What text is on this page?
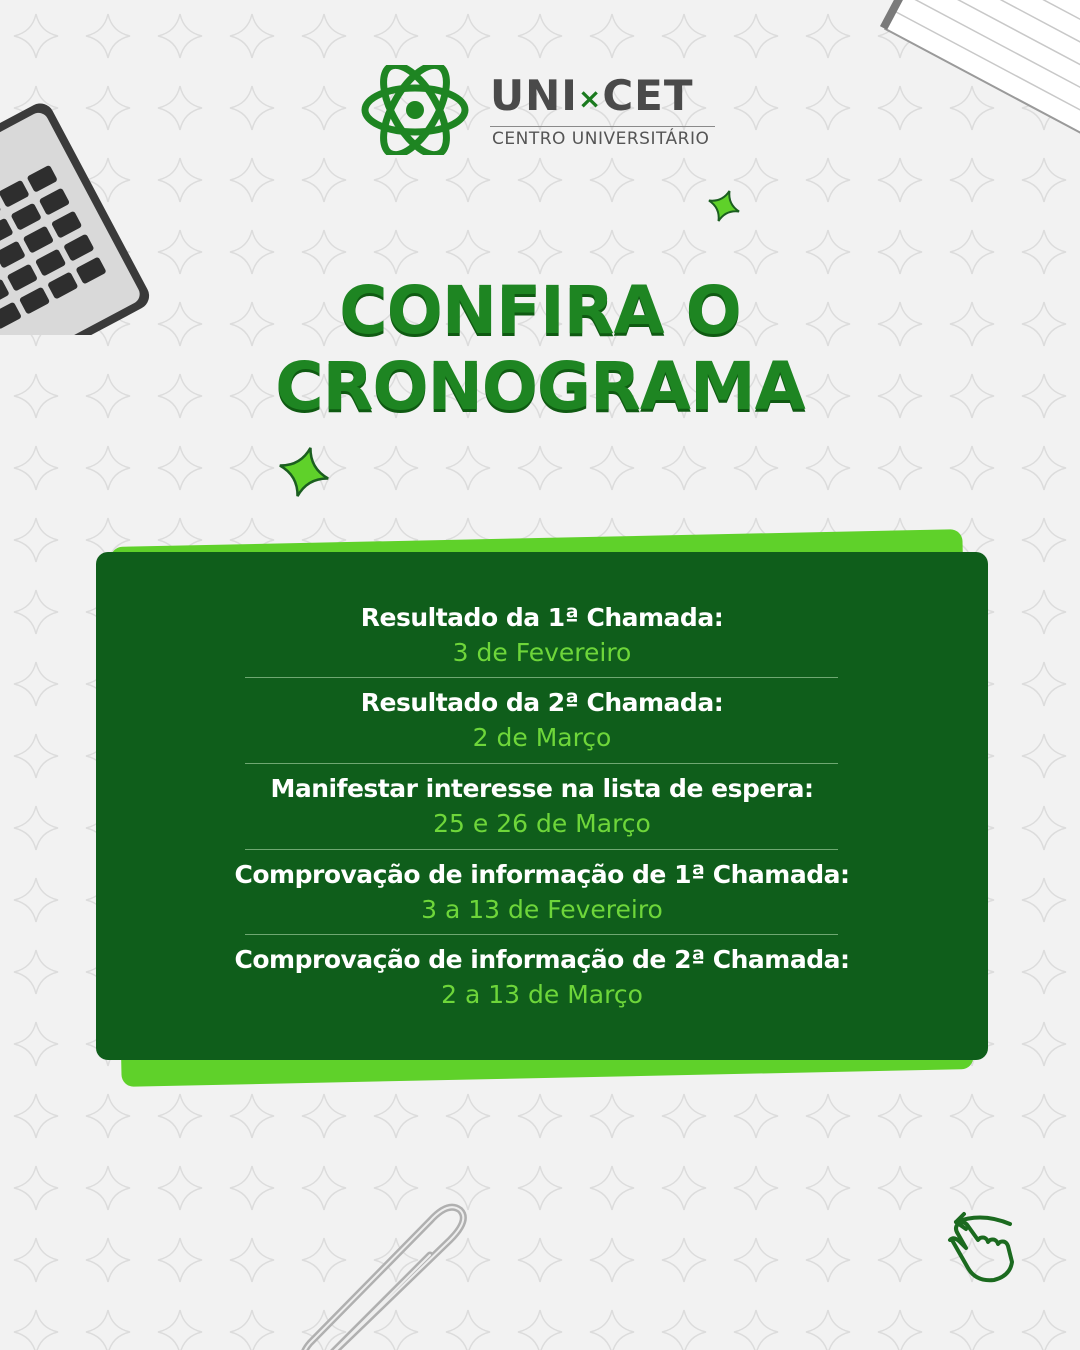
UNI×CET
CENTRO UNIVERSITÁRIO
CONFIRA O
CRONOGRAMA
Resultado da 1ª Chamada:
3 de Fevereiro
Resultado da 2ª Chamada:
2 de Março
Manifestar interesse na lista de espera:
25 e 26 de Março
Comprovação de informação de 1ª Chamada:
3 a 13 de Fevereiro
Comprovação de informação de 2ª Chamada:
2 a 13 de Março
